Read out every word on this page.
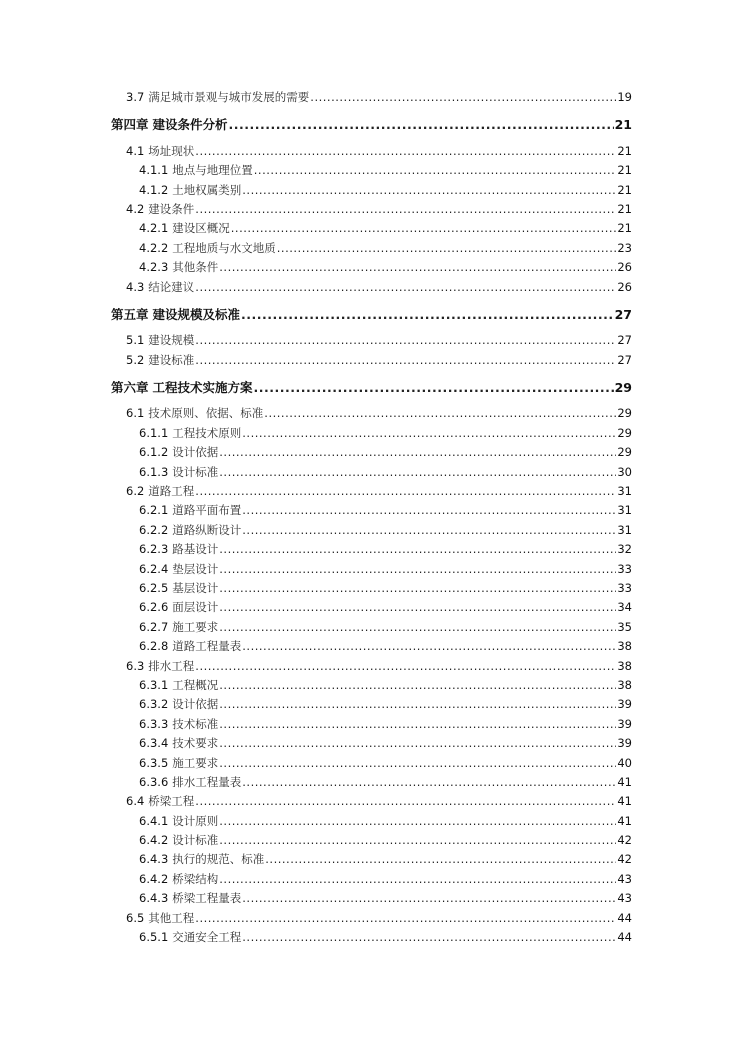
3.7 满足城市景观与城市发展的需要 .....	19
第四章 建设条件分析 .....	21
4.1 场址现状 .....	21
4.1.1 地点与地理位置 .....	21
4.1.2 土地权属类别 .....	21
4.2 建设条件 .....	21
4.2.1 建设区概况 .....	21
4.2.2 工程地质与水文地质 .....	23
4.2.3 其他条件 .....	26
4.3 结论建议 .....	26
第五章 建设规模及标准 .....	27
5.1 建设规模 .....	27
5.2 建设标准 .....	27
第六章 工程技术实施方案 .....	29
6.1 技术原则、依据、标准 .....	29
6.1.1 工程技术原则 .....	29
6.1.2 设计依据 .....	29
6.1.3 设计标准 .....	30
6.2 道路工程 .....	31
6.2.1 道路平面布置 .....	31
6.2.2 道路纵断设计 .....	31
6.2.3 路基设计 .....	32
6.2.4 垫层设计 .....	33
6.2.5 基层设计 .....	33
6.2.6 面层设计 .....	34
6.2.7 施工要求 .....	35
6.2.8 道路工程量表 .....	38
6.3 排水工程 .....	38
6.3.1 工程概况 .....	38
6.3.2 设计依据 .....	39
6.3.3 技术标准 .....	39
6.3.4 技术要求 .....	39
6.3.5 施工要求 .....	40
6.3.6 排水工程量表 .....	41
6.4 桥梁工程 .....	41
6.4.1 设计原则 .....	41
6.4.2 设计标准 .....	42
6.4.3 执行的规范、标准 .....	42
6.4.2 桥梁结构 .....	43
6.4.3 桥梁工程量表 .....	43
6.5 其他工程 .....	44
6.5.1 交通安全工程 .....	44
